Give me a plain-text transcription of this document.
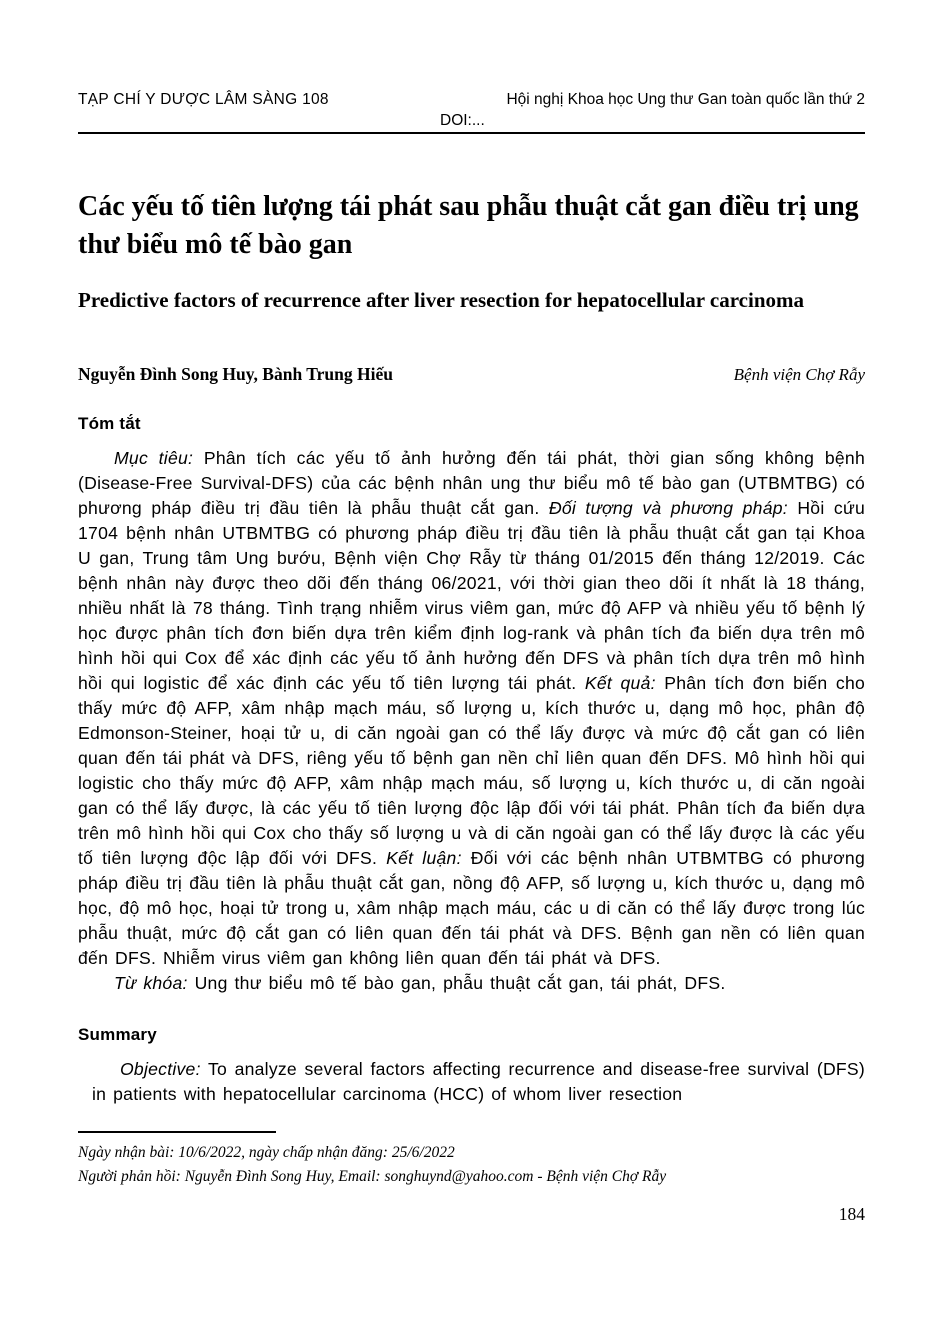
TẠP CHÍ Y DƯỢC LÂM SÀNG 108	Hội nghị Khoa học Ung thư Gan toàn quốc lần thứ 2
DOI:...
Các yếu tố tiên lượng tái phát sau phẫu thuật cắt gan điều trị ung thư biểu mô tế bào gan
Predictive factors of recurrence after liver resection for hepatocellular carcinoma
Nguyễn Đình Song Huy, Bành Trung Hiếu	Bệnh viện Chợ Rẫy
Tóm tắt

Mục tiêu: Phân tích các yếu tố ảnh hưởng đến tái phát, thời gian sống không bệnh (Disease-Free Survival-DFS) của các bệnh nhân ung thư biểu mô tế bào gan (UTBMTBG) có phương pháp điều trị đầu tiên là phẫu thuật cắt gan. Đối tượng và phương pháp: Hồi cứu 1704 bệnh nhân UTBMTBG có phương pháp điều trị đầu tiên là phẫu thuật cắt gan tại Khoa U gan, Trung tâm Ung bướu, Bệnh viện Chợ Rẫy từ tháng 01/2015 đến tháng 12/2019. Các bệnh nhân này được theo dõi đến tháng 06/2021, với thời gian theo dõi ít nhất là 18 tháng, nhiều nhất là 78 tháng. Tình trạng nhiễm virus viêm gan, mức độ AFP và nhiều yếu tố bệnh lý học được phân tích đơn biến dựa trên kiểm định log-rank và phân tích đa biến dựa trên mô hình hồi qui Cox để xác định các yếu tố ảnh hưởng đến DFS và phân tích dựa trên mô hình hồi qui logistic để xác định các yếu tố tiên lượng tái phát. Kết quả: Phân tích đơn biến cho thấy mức độ AFP, xâm nhập mạch máu, số lượng u, kích thước u, dạng mô học, phân độ Edmonson-Steiner, hoại tử u, di căn ngoài gan có thể lấy được và mức độ cắt gan có liên quan đến tái phát và DFS, riêng yếu tố bệnh gan nền chỉ liên quan đến DFS. Mô hình hồi qui logistic cho thấy mức độ AFP, xâm nhập mạch máu, số lượng u, kích thước u, di căn ngoài gan có thể lấy được, là các yếu tố tiên lượng độc lập đối với tái phát. Phân tích đa biến dựa trên mô hình hồi qui Cox cho thấy số lượng u và di căn ngoài gan có thể lấy được là các yếu tố tiên lượng độc lập đối với DFS. Kết luận: Đối với các bệnh nhân UTBMTBG có phương pháp điều trị đầu tiên là phẫu thuật cắt gan, nồng độ AFP, số lượng u, kích thước u, dạng mô học, độ mô học, hoại tử trong u, xâm nhập mạch máu, các u di căn có thể lấy được trong lúc phẫu thuật, mức độ cắt gan có liên quan đến tái phát và DFS. Bệnh gan nền có liên quan đến DFS. Nhiễm virus viêm gan không liên quan đến tái phát và DFS.

Từ khóa: Ung thư biểu mô tế bào gan, phẫu thuật cắt gan, tái phát, DFS.

Summary

Objective: To analyze several factors affecting recurrence and disease-free survival (DFS) in patients with hepatocellular carcinoma (HCC) of whom liver resection

Ngày nhận bài: 10/6/2022, ngày chấp nhận đăng: 25/6/2022
Người phản hồi: Nguyễn Đình Song Huy, Email: songhuynd@yahoo.com - Bệnh viện Chợ Rẫy
184
